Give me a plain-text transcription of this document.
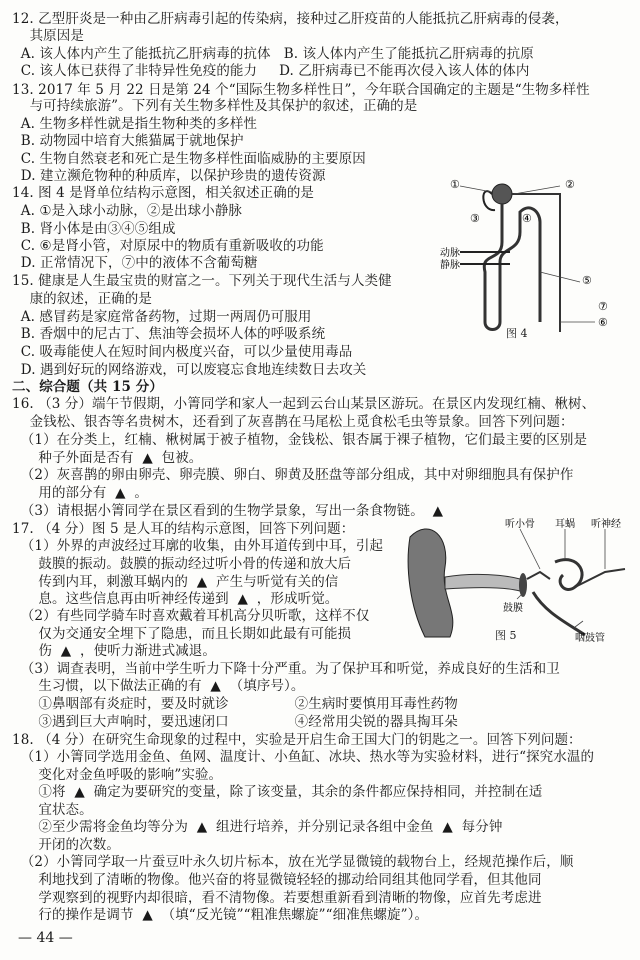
12. 乙型肝炎是一种由乙肝病毒引起的传染病，接种过乙肝疫苗的人能抵抗乙肝病毒的侵袭，
其原因是
A. 该人体内产生了能抵抗乙肝病毒的抗体   B. 该人体内产生了能抵抗乙肝病毒的抗原
C. 该人体已获得了非特异性免疫的能力     D. 乙肝病毒已不能再次侵入该人体的体内
13. 2017 年 5 月 22 日是第 24 个“国际生物多样性日”，今年联合国确定的主题是“生物多样性
与可持续旅游”。下列有关生物多样性及其保护的叙述，正确的是
A. 生物多样性就是指生物种类的多样性
B. 动物园中培育大熊猫属于就地保护
C. 生物自然衰老和死亡是生物多样性面临威胁的主要原因
D. 建立濒危物种的种质库，以保护珍贵的遗传资源
14. 图 4 是肾单位结构示意图，相关叙述正确的是
A. ①是入球小动脉，②是出球小静脉
B. 肾小体是由③④⑤组成
C. ⑥是肾小管，对原尿中的物质有重新吸收的功能
D. 正常情况下，⑦中的液体不含葡萄糖
15. 健康是人生最宝贵的财富之一。下列关于现代生活与人类健
康的叙述，正确的是
A. 感冒药是家庭常备药物，过期一两周仍可服用
B. 香烟中的尼古丁、焦油等会损坏人体的呼吸系统
C. 吸毒能使人在短时间内极度兴奋，可以少量使用毒品
D. 遇到好玩的网络游戏，可以废寝忘食地连续数日去攻关
二、综合题（共 15 分）
16. （3 分）端午节假期，小箐同学和家人一起到云台山某景区游玩。在景区内发现红楠、楸树、
金钱松、银杏等名贵树木，还看到了灰喜鹊在马尾松上觅食松毛虫等景象。回答下列问题：
（1）在分类上，红楠、楸树属于被子植物，金钱松、银杏属于裸子植物，它们最主要的区别是
种子外面是否有  ▲  包被。
（2）灰喜鹊的卵由卵壳、卵壳膜、卵白、卵黄及胚盘等部分组成，其中对卵细胞具有保护作
用的部分有  ▲  。
（3）请根据小箐同学在景区看到的生物学景象，写出一条食物链。  ▲
17. （4 分）图 5 是人耳的结构示意图，回答下列问题：
（1）外界的声波经过耳廓的收集，由外耳道传到中耳，引起
鼓膜的振动。鼓膜的振动经过听小骨的传递和放大后
传到内耳，刺激耳蜗内的  ▲  产生与听觉有关的信
息。这些信息再由听神经传递到  ▲  ，形成听觉。
（2）有些同学骑车时喜欢戴着耳机高分贝听歌，这样不仅
仅为交通安全埋下了隐患，而且长期如此最有可能损
伤  ▲  ，使听力渐进式减退。
（3）调查表明，当前中学生听力下降十分严重。为了保护耳和听觉，养成良好的生活和卫
生习惯，以下做法正确的有  ▲  （填序号）。
①鼻咽部有炎症时，要及时就诊               ②生病时要慎用耳毒性药物
③遇到巨大声响时，要迅速闭口               ④经常用尖锐的器具掏耳朵
18. （4 分）在研究生命现象的过程中，实验是开启生命王国大门的钥匙之一。回答下列问题：
（1）小箐同学选用金鱼、鱼网、温度计、小鱼缸、冰块、热水等为实验材料，进行“探究水温的
变化对金鱼呼吸的影响”实验。
①将  ▲  确定为要研究的变量，除了该变量，其余的条件都应保持相同，并控制在适
宜状态。
②至少需将金鱼均等分为  ▲  组进行培养，并分别记录各组中金鱼  ▲  每分钟
开闭的次数。
（2）小箐同学取一片蚕豆叶永久切片标本，放在光学显微镜的载物台上，经规范操作后，顺
利地找到了清晰的物像。他兴奋的将显微镜轻轻的挪动给同组其他同学看，但其他同
学观察到的视野内却很暗，看不清物像。若要想重新看到清晰的物像，应首先考虑进
行的操作是调节  ▲  （填“反光镜”“粗准焦螺旋”“细准焦螺旋”）。
动脉
静脉
①	②
③	④
⑤
⑥
⑦
图 4
听小骨 耳蜗 听神经
鼓膜
咽鼓管
图 5
— 44 —
